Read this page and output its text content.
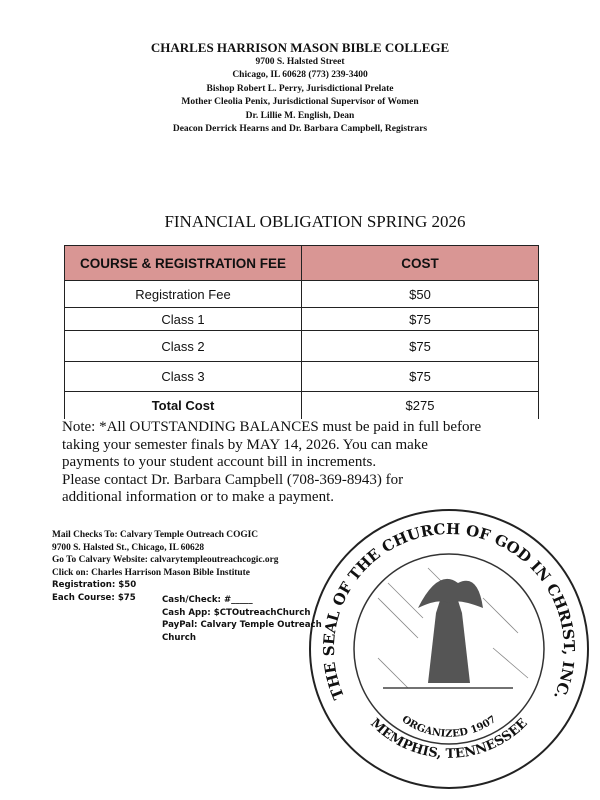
CHARLES HARRISON MASON BIBLE COLLEGE
9700 S. Halsted Street
Chicago, IL 60628 (773) 239-3400
Bishop Robert L. Perry, Jurisdictional Prelate
Mother Cleolia Penix, Jurisdictional Supervisor of Women
Dr. Lillie M. English, Dean
Deacon Derrick Hearns and Dr. Barbara Campbell, Registrars
FINANCIAL OBLIGATION SPRING 2026
COURSE & REGISTRATION FEE	COST
Registration Fee	$50
Class 1	$75
Class 2	$75
Class 3	$75
Total Cost	$275
Note: *All OUTSTANDING BALANCES must be paid in full before
taking your semester finals by MAY 14, 2026. You can make
payments to your student account bill in increments.
Please contact Dr. Barbara Campbell (708-369-8943) for
additional information or to make a payment.
Mail Checks To: Calvary Temple Outreach COGIC
9700 S. Halsted St., Chicago, IL 60628
Go To Calvary Website: calvarytempleoutreachcogic.org
Click on: Charles Harrison Mason Bible Institute
Registration: $50
Each Course: $75	Cash/Check: #_____
Cash App: $CTOutreachChurch
PayPal: Calvary Temple Outreach Church
THE SEAL OF THE CHURCH OF GOD IN CHRIST, INC.
MEMPHIS, TENNESSEE
ORGANIZED 1907
